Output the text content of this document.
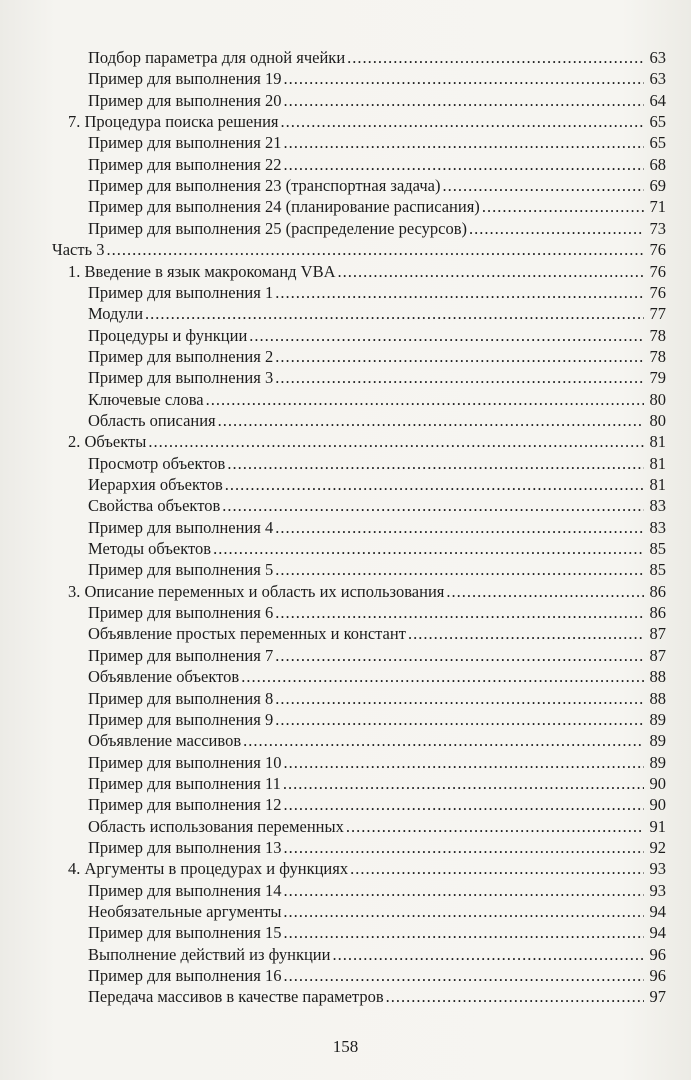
Подбор параметра для одной ячейки .....	63
Пример для выполнения 19 .....	63
Пример для выполнения 20 .....	64
7. Процедура поиска решения .....	65
Пример для выполнения 21 .....	65
Пример для выполнения 22 .....	68
Пример для выполнения 23 (транспортная задача) .....	69
Пример для выполнения 24 (планирование расписания) .....	71
Пример для выполнения 25 (распределение ресурсов) .....	73
Часть 3 .....	76
1. Введение в язык макрокоманд VBA .....	76
Пример для выполнения 1 .....	76
Модули .....	77
Процедуры и функции .....	78
Пример для выполнения 2 .....	78
Пример для выполнения 3 .....	79
Ключевые слова .....	80
Область описания .....	80
2. Объекты .....	81
Просмотр объектов .....	81
Иерархия объектов .....	81
Свойства объектов .....	83
Пример для выполнения 4 .....	83
Методы объектов .....	85
Пример для выполнения 5 .....	85
3. Описание переменных и область их использования .....	86
Пример для выполнения 6 .....	86
Объявление простых переменных и констант .....	87
Пример для выполнения 7 .....	87
Объявление объектов .....	88
Пример для выполнения 8 .....	88
Пример для выполнения 9 .....	89
Объявление массивов .....	89
Пример для выполнения 10 .....	89
Пример для выполнения 11 .....	90
Пример для выполнения 12 .....	90
Область использования переменных .....	91
Пример для выполнения 13 .....	92
4. Аргументы в процедурах и функциях .....	93
Пример для выполнения 14 .....	93
Необязательные аргументы .....	94
Пример для выполнения 15 .....	94
Выполнение действий из функции .....	96
Пример для выполнения 16 .....	96
Передача массивов в качестве параметров .....	97
158
